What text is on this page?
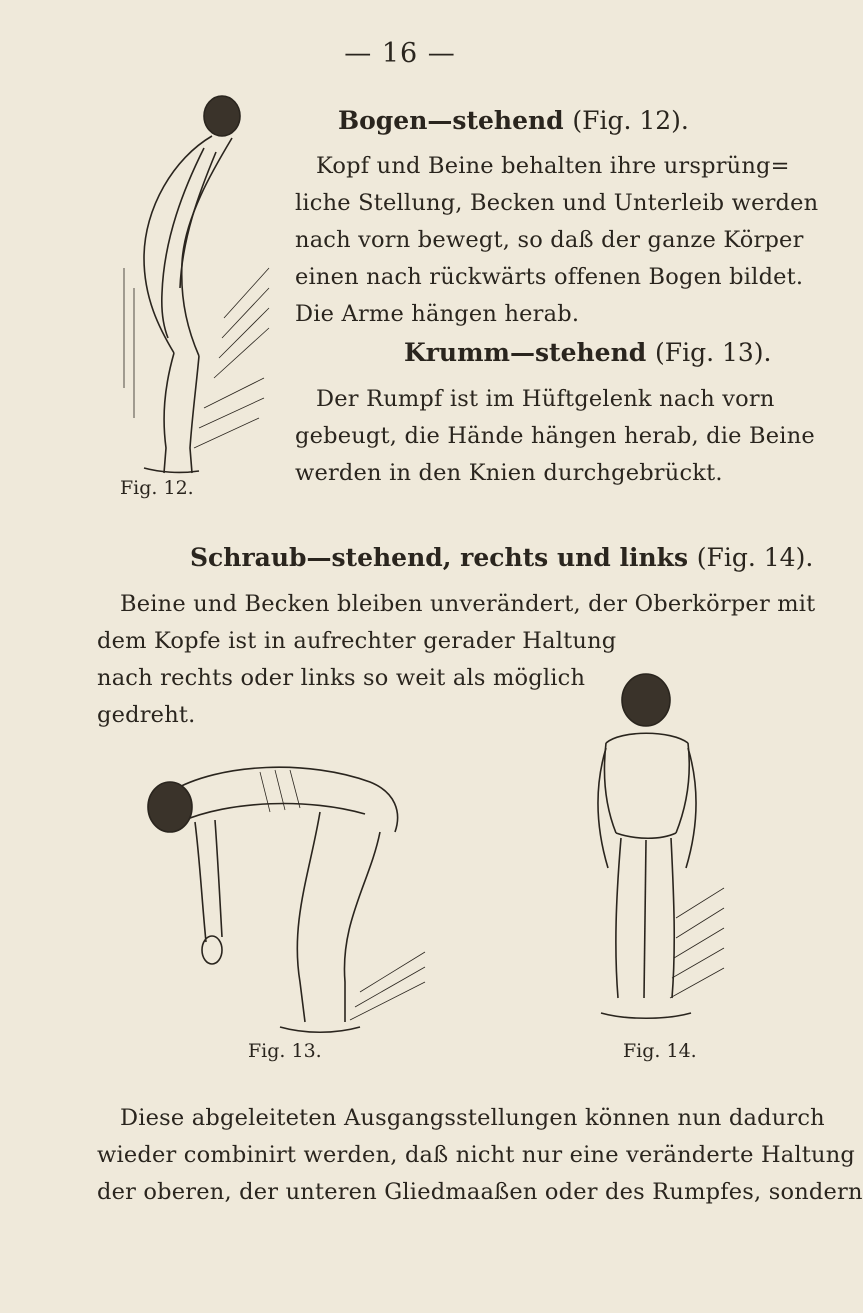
— 16 —
Fig. 12.
Bogen—stehend (Fig. 12).
Kopf und Beine behalten ihre ursprüng=
liche Stellung, Becken und Unterleib werden
nach vorn bewegt, so daß der ganze Körper
einen nach rückwärts offenen Bogen bildet.
Die Arme hängen herab.
Krumm—stehend (Fig. 13).
Der Rumpf ist im Hüftgelenk nach vorn
gebeugt, die Hände hängen herab, die Beine
werden in den Knien durchgebrückt.
Schraub—stehend, rechts und links (Fig. 14).
Beine und Becken bleiben unverändert, der Oberkörper mit
dem Kopfe ist in aufrechter gerader Haltung
nach rechts oder links so weit als möglich
gedreht.
Fig. 13.	Fig. 14.
Diese abgeleiteten Ausgangsstellungen können nun dadurch
wieder combinirt werden, daß nicht nur eine veränderte Haltung
der oberen, der unteren Gliedmaaßen oder des Rumpfes, sondern
